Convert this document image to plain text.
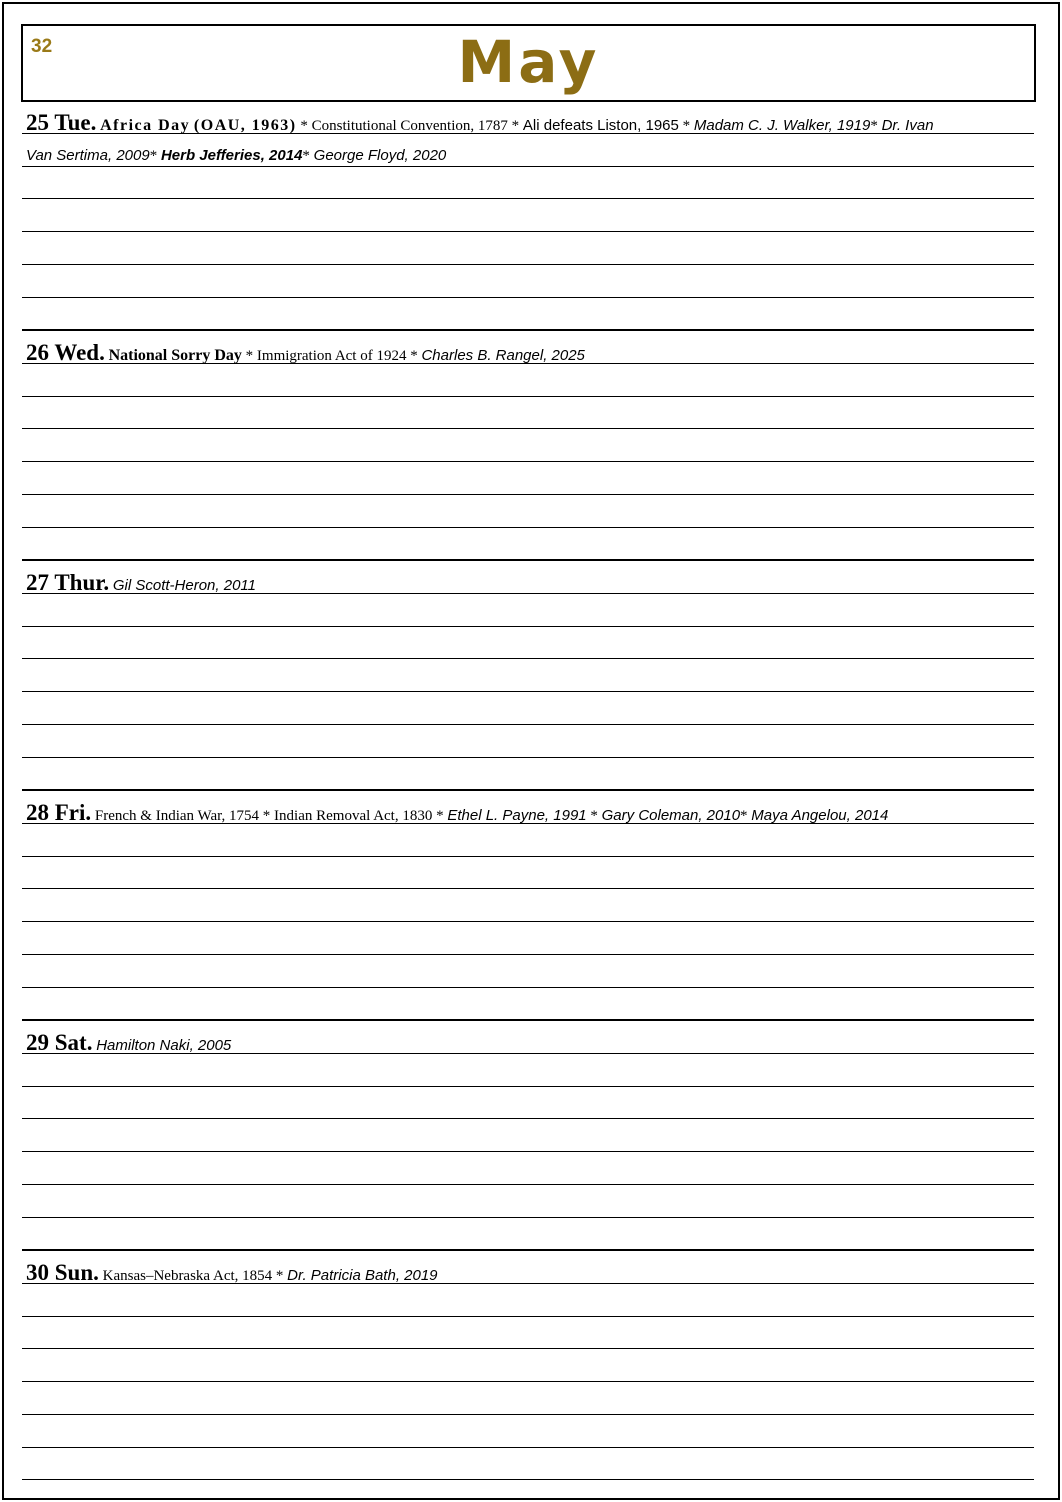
32	May
25 Tue. Africa Day (OAU, 1963) * Constitutional Convention, 1787 * Ali defeats Liston, 1965 * Madam C. J. Walker, 1919* Dr. Ivan
Van Sertima, 2009* Herb Jefferies, 2014* George Floyd, 2020
26 Wed. National Sorry Day * Immigration Act of 1924 * Charles B. Rangel, 2025
27 Thur. Gil Scott-Heron, 2011
28 Fri. French & Indian War, 1754 * Indian Removal Act, 1830 * Ethel L. Payne, 1991 * Gary Coleman, 2010* Maya Angelou, 2014
29 Sat. Hamilton Naki, 2005
30 Sun. Kansas–Nebraska Act, 1854 * Dr. Patricia Bath, 2019
